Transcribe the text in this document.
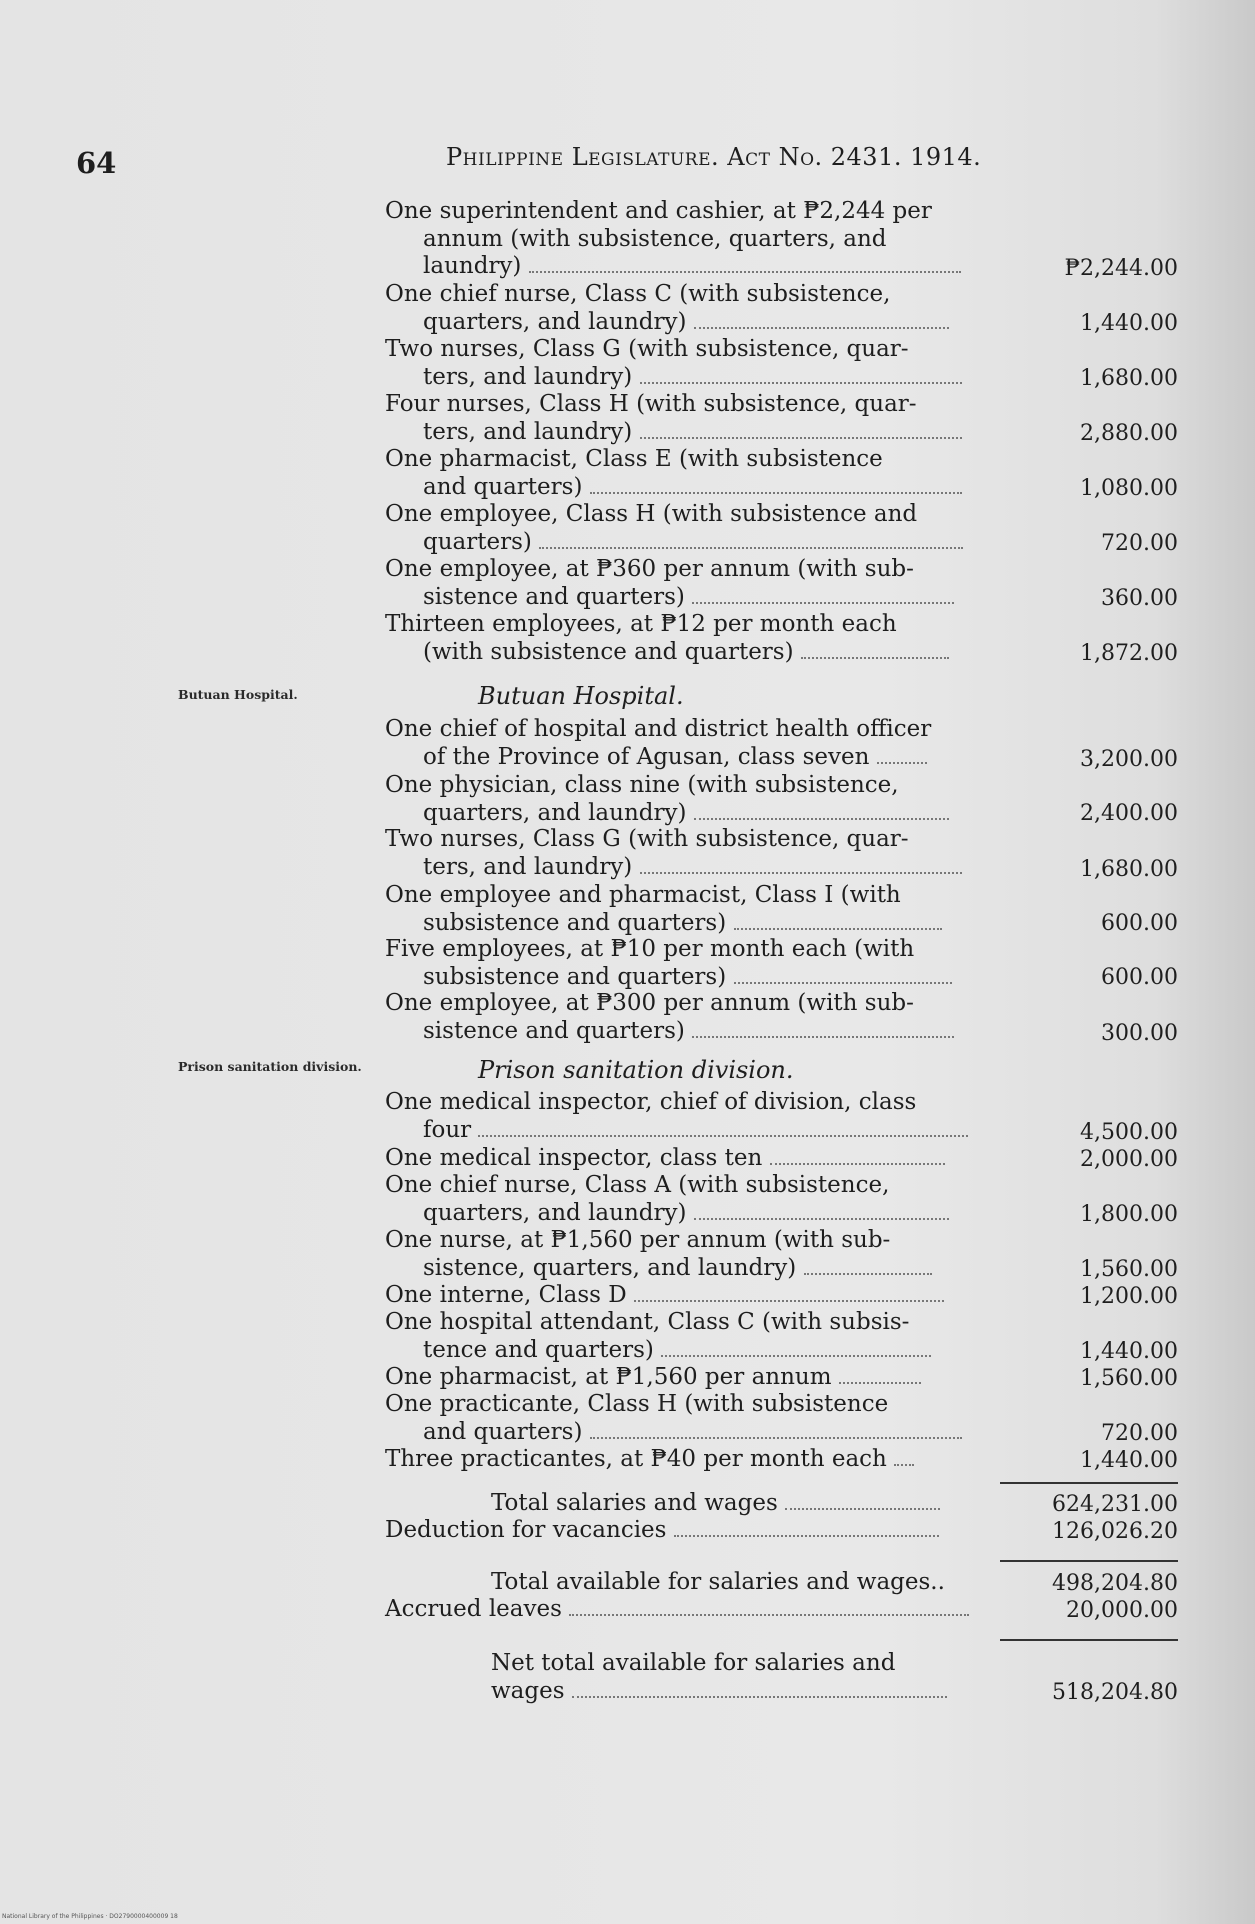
64	Philippine Legislature. Act No. 2431. 1914.
One superintendent and cashier, at ₱2,244 per
annum (with subsistence, quarters, and
laundry)	₱2,244.00
One chief nurse, Class C (with subsistence,
quarters, and laundry)	1,440.00
Two nurses, Class G (with subsistence, quar-
ters, and laundry)	1,680.00
Four nurses, Class H (with subsistence, quar-
ters, and laundry)	2,880.00
One pharmacist, Class E (with subsistence
and quarters)	1,080.00
One employee, Class H (with subsistence and
quarters)	720.00
One employee, at ₱360 per annum (with sub-
sistence and quarters)	360.00
Thirteen employees, at ₱12 per month each
(with subsistence and quarters)	1,872.00
Butuan Hospital.	Butuan Hospital.
One chief of hospital and district health officer
of the Province of Agusan, class seven	3,200.00
One physician, class nine (with subsistence,
quarters, and laundry)	2,400.00
Two nurses, Class G (with subsistence, quar-
ters, and laundry)	1,680.00
One employee and pharmacist, Class I (with
subsistence and quarters)	600.00
Five employees, at ₱10 per month each (with
subsistence and quarters)	600.00
One employee, at ₱300 per annum (with sub-
sistence and quarters)	300.00
Prison sanitation division.	Prison sanitation division.
One medical inspector, chief of division, class
four	4,500.00
One medical inspector, class ten	2,000.00
One chief nurse, Class A (with subsistence,
quarters, and laundry)	1,800.00
One nurse, at ₱1,560 per annum (with sub-
sistence, quarters, and laundry)	1,560.00
One interne, Class D	1,200.00
One hospital attendant, Class C (with subsis-
tence and quarters)	1,440.00
One pharmacist, at ₱1,560 per annum	1,560.00
One practicante, Class H (with subsistence
and quarters)	720.00
Three practicantes, at ₱40 per month each	1,440.00
Total salaries and wages	624,231.00
Deduction for vacancies	126,026.20
Total available for salaries and wages..	498,204.80
Accrued leaves	20,000.00
Net total available for salaries and
wages	518,204.80
National Library of the Philippines · DO2790000400009 18
